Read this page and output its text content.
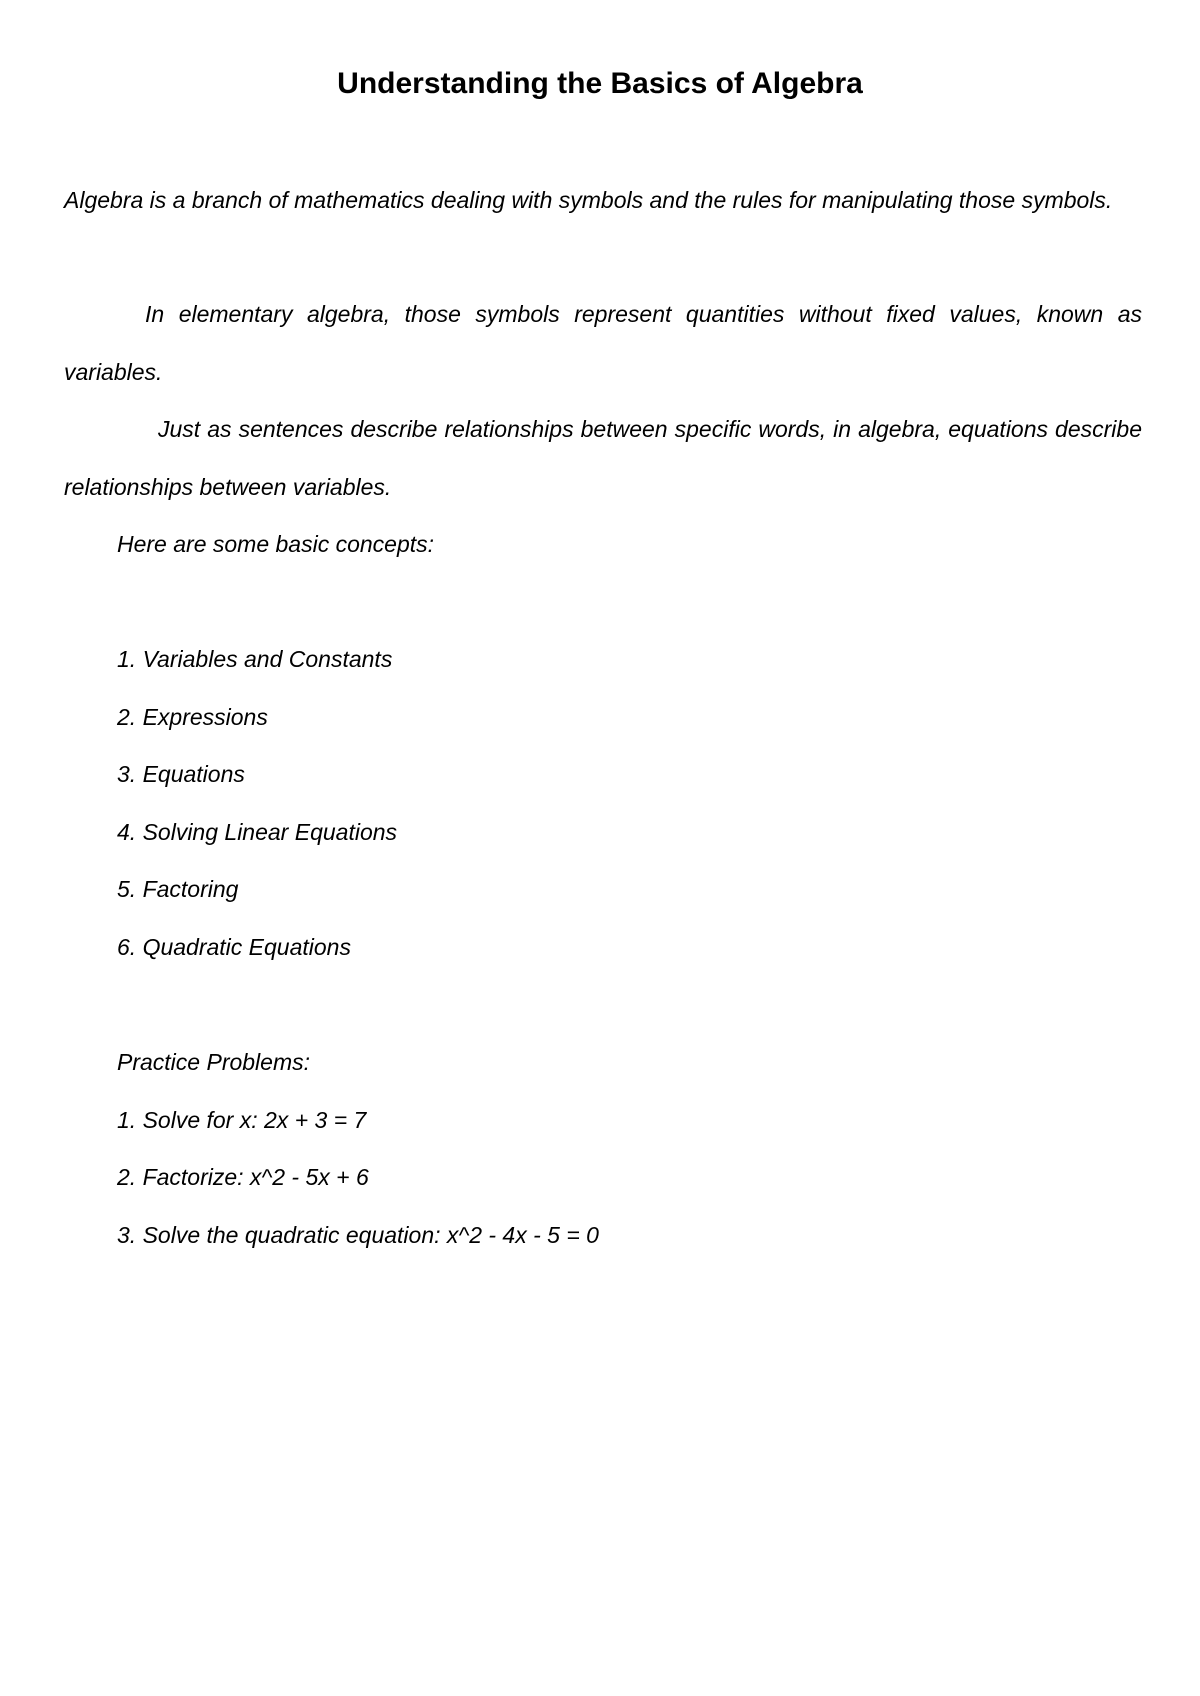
Understanding the Basics of Algebra

Algebra is a branch of mathematics dealing with symbols and the rules for manipulating those symbols.

In elementary algebra, those symbols represent quantities without fixed values, known as variables.

Just as sentences describe relationships between specific words, in algebra, equations describe relationships between variables.

Here are some basic concepts:

1. Variables and Constants

2. Expressions

3. Equations

4. Solving Linear Equations

5. Factoring

6. Quadratic Equations

Practice Problems:

1. Solve for x: 2x + 3 = 7

2. Factorize: x^2 - 5x + 6

3. Solve the quadratic equation: x^2 - 4x - 5 = 0
